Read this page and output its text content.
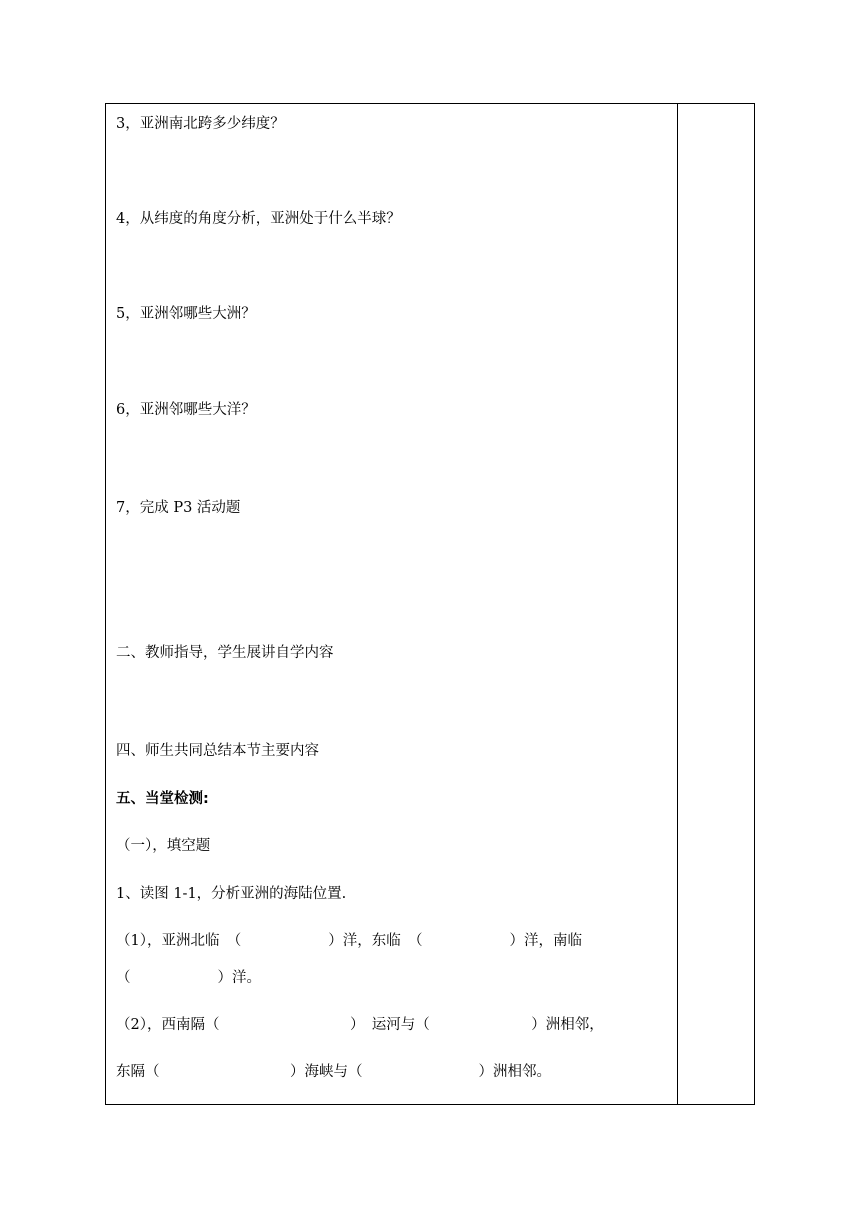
3，亚洲南北跨多少纬度？
4，从纬度的角度分析，亚洲处于什么半球？
5，亚洲邻哪些大洲？
6，亚洲邻哪些大洋？
7，完成 P3 活动题
二、教师指导，学生展讲自学内容
四、师生共同总结本节主要内容
五、当堂检测:
（一），填空题
1、读图 1-1，分析亚洲的海陆位置.
（1），亚洲北临　（　　　　　　）洋，东临　（　　　　　　）洋，南临
（　　　　　　）洋。
（2），西南隔（　　　　　　　　　）　运河与（　　　　　　　）洲相邻，
东隔（　　　　　　　　　）海峡与（　　　　　　　　）洲相邻。
